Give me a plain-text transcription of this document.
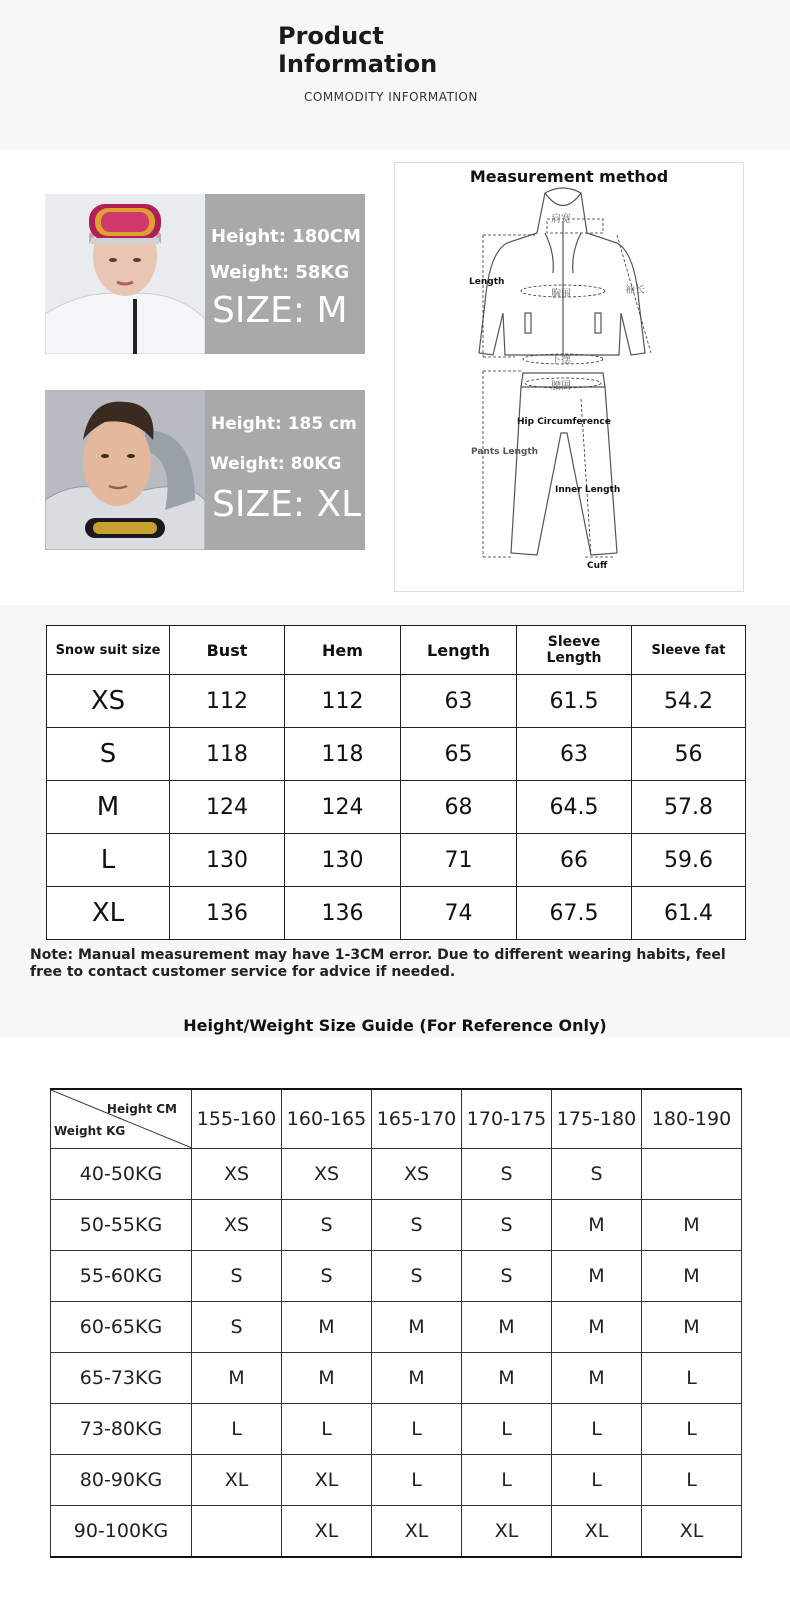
Product
Information
COMMODITY INFORMATION
Height: 180CM
Weight: 58KG
SIZE: M
Height: 185 cm
Weight: 80KG
SIZE: XL
Measurement method
肩宽
Length
胸围	袖长
下摆
腰围
Hip Circumference
Pants Length
Inner Length
Cuff
Snow suit size	Bust	Hem	Length	Sleeve Length	Sleeve fat
XS	112	112	63	61.5	54.2
S	118	118	65	63	56
M	124	124	68	64.5	57.8
L	130	130	71	66	59.6
XL	136	136	74	67.5	61.4
Note: Manual measurement may have 1-3CM error. Due to different wearing habits, feel free to contact customer service for advice if needed.
Height/Weight Size Guide (For Reference Only)
Height CM
Weight KG	155-160	160-165	165-170	170-175	175-180	180-190
40-50KG	XS	XS	XS	S	S	
50-55KG	XS	S	S	S	M	M
55-60KG	S	S	S	S	M	M
60-65KG	S	M	M	M	M	M
65-73KG	M	M	M	M	M	L
73-80KG	L	L	L	L	L	L
80-90KG	XL	XL	L	L	L	L
90-100KG		XL	XL	XL	XL	XL
